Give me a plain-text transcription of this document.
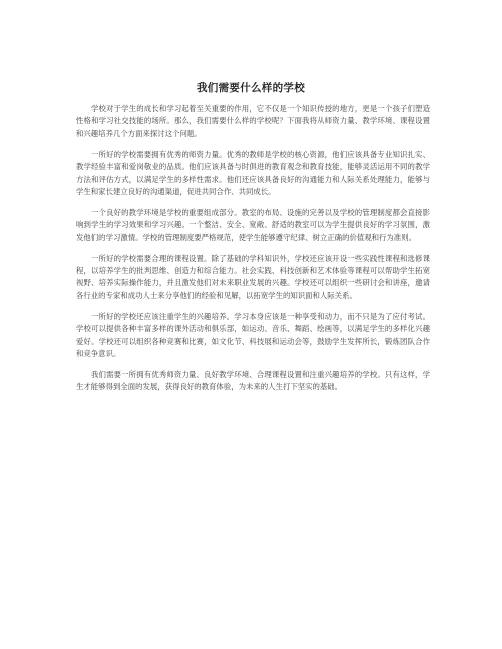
我们需要什么样的学校

学校对于学生的成长和学习起着至关重要的作用，它不仅是一个知识传授的地方，更是一个孩子们塑造性格和学习社交技能的场所。那么，我们需要什么样的学校呢？下面我将从师资力量、教学环境、课程设置和兴趣培养几个方面来探讨这个问题。

一所好的学校需要拥有优秀的师资力量。优秀的教师是学校的核心资源，他们应该具备专业知识扎实、教学经验丰富和爱岗敬业的品质。他们应该具备与时俱进的教育观念和教育技能，能够灵活运用不同的教学方法和评估方式，以满足学生的多样性需求。他们还应该具备良好的沟通能力和人际关系处理能力，能够与学生和家长建立良好的沟通渠道，促进共同合作、共同成长。

一个良好的教学环境是学校的重要组成部分。教室的布局、设施的完善以及学校的管理制度都会直接影响到学生的学习效果和学习兴趣。一个整洁、安全、宽敞、舒适的教室可以为学生提供良好的学习氛围，激发他们的学习激情。学校的管理制度要严格规范，使学生能够遵守纪律、树立正确的价值观和行为准则。

一所好的学校需要合理的课程设置。除了基础的学科知识外，学校还应该开设一些实践性课程和选修课程，以培养学生的批判思维、创造力和综合能力。社会实践、科技创新和艺术体验等课程可以帮助学生拓宽视野、培养实际操作能力，并且激发他们对未来职业发展的兴趣。学校还可以组织一些研讨会和讲座，邀请各行业的专家和成功人士来分享他们的经验和见解，以拓宽学生的知识面和人际关系。

一所好的学校还应该注重学生的兴趣培养。学习本身应该是一种享受和动力，而不只是为了应付考试。学校可以提供各种丰富多样的课外活动和俱乐部，如运动、音乐、舞蹈、绘画等，以满足学生的多样化兴趣爱好。学校还可以组织各种竞赛和比赛，如文化节、科技展和运动会等，鼓励学生发挥所长，锻炼团队合作和竞争意识。

我们需要一所拥有优秀师资力量、良好教学环境、合理课程设置和注重兴趣培养的学校。只有这样，学生才能够得到全面的发展，获得良好的教育体验，为未来的人生打下坚实的基础。
